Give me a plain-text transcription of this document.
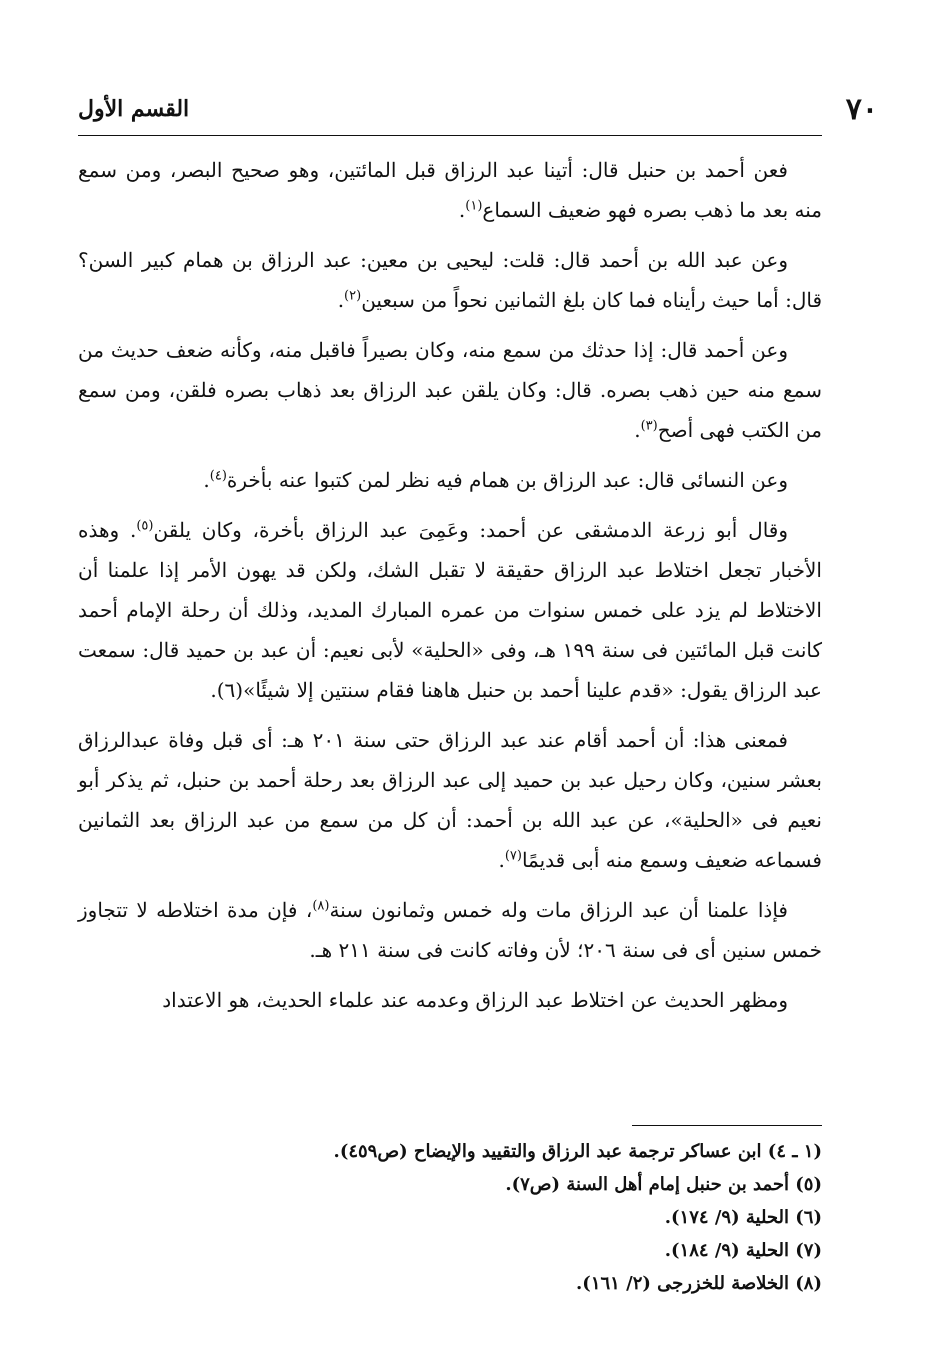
القسم الأول	٧٠

فعن أحمد بن حنبل قال: أتينا عبد الرزاق قبل المائتين، وهو صحيح البصر، ومن سمع منه بعد ما ذهب بصره فهو ضعيف السماع$^{(١)}$.

وعن عبد الله بن أحمد قال: قلت: ليحيى بن معين: عبد الرزاق بن همام كبير السن؟ قال: أما حيث رأيناه فما كان بلغ الثمانين نحواً من سبعين$^{(٢)}$.

وعن أحمد قال: إذا حدثك من سمع منه، وكان بصيراً فاقبل منه، وكأنه ضعف حديث من سمع منه حين ذهب بصره. قال: وكان يلقن عبد الرزاق بعد ذهاب بصره فلقن، ومن سمع من الكتب فهى أصح$^{(٣)}$.

وعن النسائى قال: عبد الرزاق بن همام فيه نظر لمن كتبوا عنه بأخرة$^{(٤)}$.

وقال أبو زرعة الدمشقى عن أحمد: وعَمِىَ عبد الرزاق بأخرة، وكان يلقن$^{(٥)}$. وهذه الأخبار تجعل اختلاط عبد الرزاق حقيقة لا تقبل الشك، ولكن قد يهون الأمر إذا علمنا أن الاختلاط لم يزد على خمس سنوات من عمره المبارك المديد، وذلك أن رحلة الإمام أحمد كانت قبل المائتين فى سنة ١٩٩ هـ، وفى «الحلية» لأبى نعيم: أن عبد بن حميد قال: سمعت عبد الرزاق يقول: «قدم علينا أحمد بن حنبل هاهنا فقام سنتين إلا شيئًا»(٦).

فمعنى هذا: أن أحمد أقام عند عبد الرزاق حتى سنة ٢٠١ هـ: أى قبل وفاة عبدالرزاق بعشر سنين، وكان رحيل عبد بن حميد إلى عبد الرزاق بعد رحلة أحمد بن حنبل، ثم يذكر أبو نعيم فى «الحلية»، عن عبد الله بن أحمد: أن كل من سمع من عبد الرزاق بعد الثمانين فسماعه ضعيف وسمع منه أبى قديمًا$^{(٧)}$.

فإذا علمنا أن عبد الرزاق مات وله خمس وثمانون سنة$^{(٨)}$، فإن مدة اختلاطه لا تتجاوز خمس سنين أى فى سنة ٢٠٦؛ لأن وفاته كانت فى سنة ٢١١ هـ.

ومظهر الحديث عن اختلاط عبد الرزاق وعدمه عند علماء الحديث، هو الاعتداد

(١ ـ ٤) ابن عساكر ترجمة عبد الرزاق والتقييد والإيضاح (ص٤٥٩).
(٥) أحمد بن حنبل إمام أهل السنة (ص٧).
(٦) الحلية (٩/ ١٧٤).
(٧) الحلية (٩/ ١٨٤).
(٨) الخلاصة للخزرجى (٢/ ١٦١).
